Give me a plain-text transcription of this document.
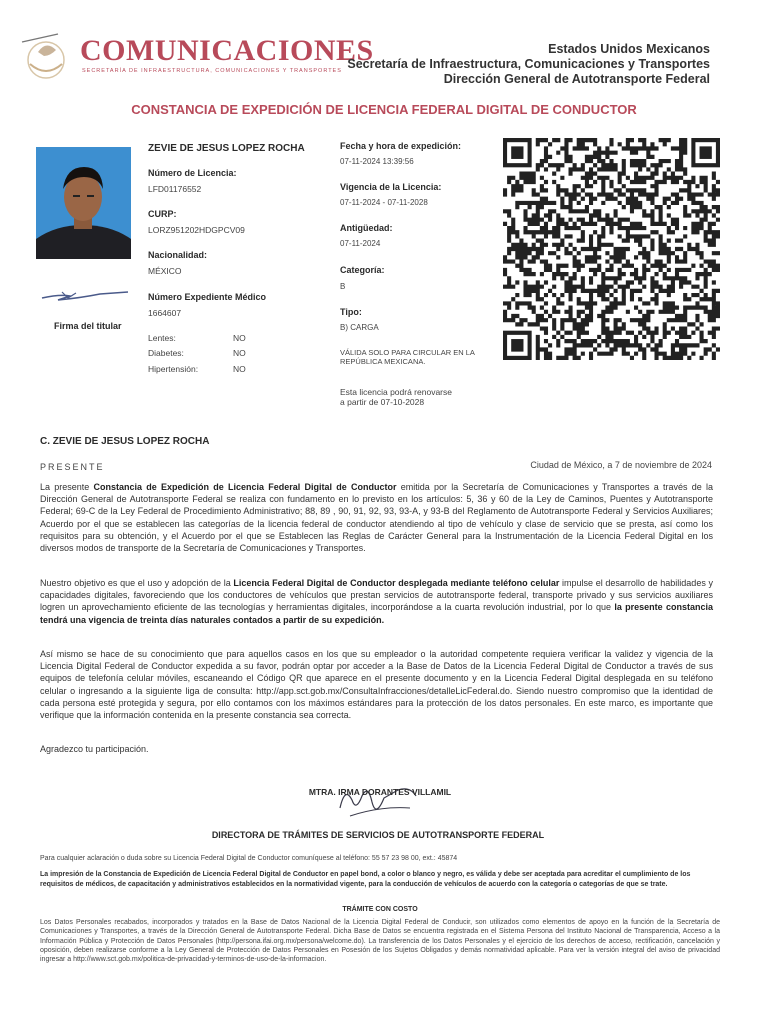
COMUNICACIONES
SECRETARÍA DE INFRAESTRUCTURA, COMUNICACIONES Y TRANSPORTES
Estados Unidos Mexicanos
Secretaría de Infraestructura, Comunicaciones y Transportes
Dirección General de Autotransporte Federal
CONSTANCIA DE EXPEDICIÓN DE LICENCIA FEDERAL DIGITAL DE CONDUCTOR
Firma del titular
ZEVIE DE JESUS LOPEZ ROCHA
Número de Licencia:
LFD01176552
CURP:
LORZ951202HDGPCV09
Nacionalidad:
MÉXICO
Número Expediente Médico
1664607
Lentes:	NO
Diabetes:	NO
Hipertensión:	NO
Fecha y hora de expedición:
07-11-2024 13:39:56
Vigencia de la Licencia:
07-11-2024 - 07-11-2028
Antigüedad:
07-11-2024
Categoría:
B
Tipo:
B) CARGA
VÁLIDA SOLO PARA CIRCULAR EN LA REPÚBLICA MEXICANA.
Esta licencia podrá renovarse
a partir de 07-10-2028
C. ZEVIE DE JESUS LOPEZ ROCHA
PRESENTE	Ciudad de México, a 7 de noviembre de 2024
La presente Constancia de Expedición de Licencia Federal Digital de Conductor emitida por la Secretaría de Comunicaciones y Transportes a través de la Dirección General de Autotransporte Federal se realiza con fundamento en lo previsto en los artículos: 5, 36 y 60 de la Ley de Caminos, Puentes y Autotransporte Federal; 69-C de la Ley Federal de Procedimiento Administrativo; 88, 89 , 90, 91, 92, 93, 93-A, y 93-B del Reglamento de Autotransporte Federal y Servicios Auxiliares; Acuerdo por el que se establecen las categorías de la licencia federal de conductor atendiendo al tipo de vehículo y clase de servicio que se presta, así como los requisitos para su obtención, y el Acuerdo por el que se Establecen las Reglas de Carácter General para la Instrumentación de la Licencia Federal Digital en los diversos modos de transporte de la Secretaría de Comunicaciones y Transportes.
Nuestro objetivo es que el uso y adopción de la Licencia Federal Digital de Conductor desplegada mediante teléfono celular impulse el desarrollo de habilidades y capacidades digitales, favoreciendo que los conductores de vehículos que prestan servicios de autotransporte federal, transporte privado y sus servicios auxiliares logren un aprovechamiento eficiente de las tecnologías y herramientas digitales, incorporándose a la cuarta revolución industrial, por lo que la presente constancia tendrá una vigencia de treinta días naturales contados a partir de su expedición.
Así mismo se hace de su conocimiento que para aquellos casos en los que su empleador o la autoridad competente requiera verificar la validez y vigencia de la Licencia Digital Federal de Conductor expedida a su favor, podrán optar por acceder a la Base de Datos de la Licencia Federal Digital de Conductor a través de sus equipos de telefonía celular móviles, escaneando el Código QR que aparece en el presente documento y en la Licencia Federal Digital desplegada en su teléfono celular o ingresando a la siguiente liga de consulta: http://app.sct.gob.mx/ConsultaInfracciones/detalleLicFederal.do. Siendo nuestro compromiso que la identidad de cada persona esté protegida y segura, por ello contamos con los máximos estándares para la protección de los datos personales. En este marco, es importante que verifique que la información contenida en la presente constancia sea correcta.
Agradezco tu participación.
MTRA. IRMA DORANTES VILLAMIL
DIRECTORA DE TRÁMITES DE SERVICIOS DE AUTOTRANSPORTE FEDERAL
Para cualquier aclaración o duda sobre su Licencia Federal Digital de Conductor comuníquese al teléfono: 55 57 23 98 00, ext.: 45874
La impresión de la Constancia de Expedición de Licencia Federal Digital de Conductor en papel bond, a color o blanco y negro, es válida y debe ser aceptada para acreditar el cumplimiento de los requisitos de médicos, de capacitación y administrativos establecidos en la normatividad vigente, para la conducción de vehículos de acuerdo con la categoría o categorías de que se trate.
TRÁMITE CON COSTO
Los Datos Personales recabados, incorporados y tratados en la Base de Datos Nacional de la Licencia Digital Federal de Conducir, son utilizados como elementos de apoyo en la función de la Secretaría de Comunicaciones y Transportes, a través de la Dirección General de Autotransporte Federal. Dicha Base de Datos se encuentra registrada en el Sistema Persona del Instituto Nacional de Transparencia, Acceso a la Información Pública y Protección de Datos Personales (http://persona.ifai.org.mx/persona/welcome.do). La transferencia de los Datos Personales y el ejercicio de los derechos de acceso, rectificación, cancelación y oposición, deben realizarse conforme a la Ley General de Protección de Datos Personales en Posesión de los Sujetos Obligados y demás normatividad aplicable. Para ver la versión integral del aviso de privacidad ingresar a http://www.sct.gob.mx/politica-de-privacidad-y-terminos-de-uso-de-la-informacion.
